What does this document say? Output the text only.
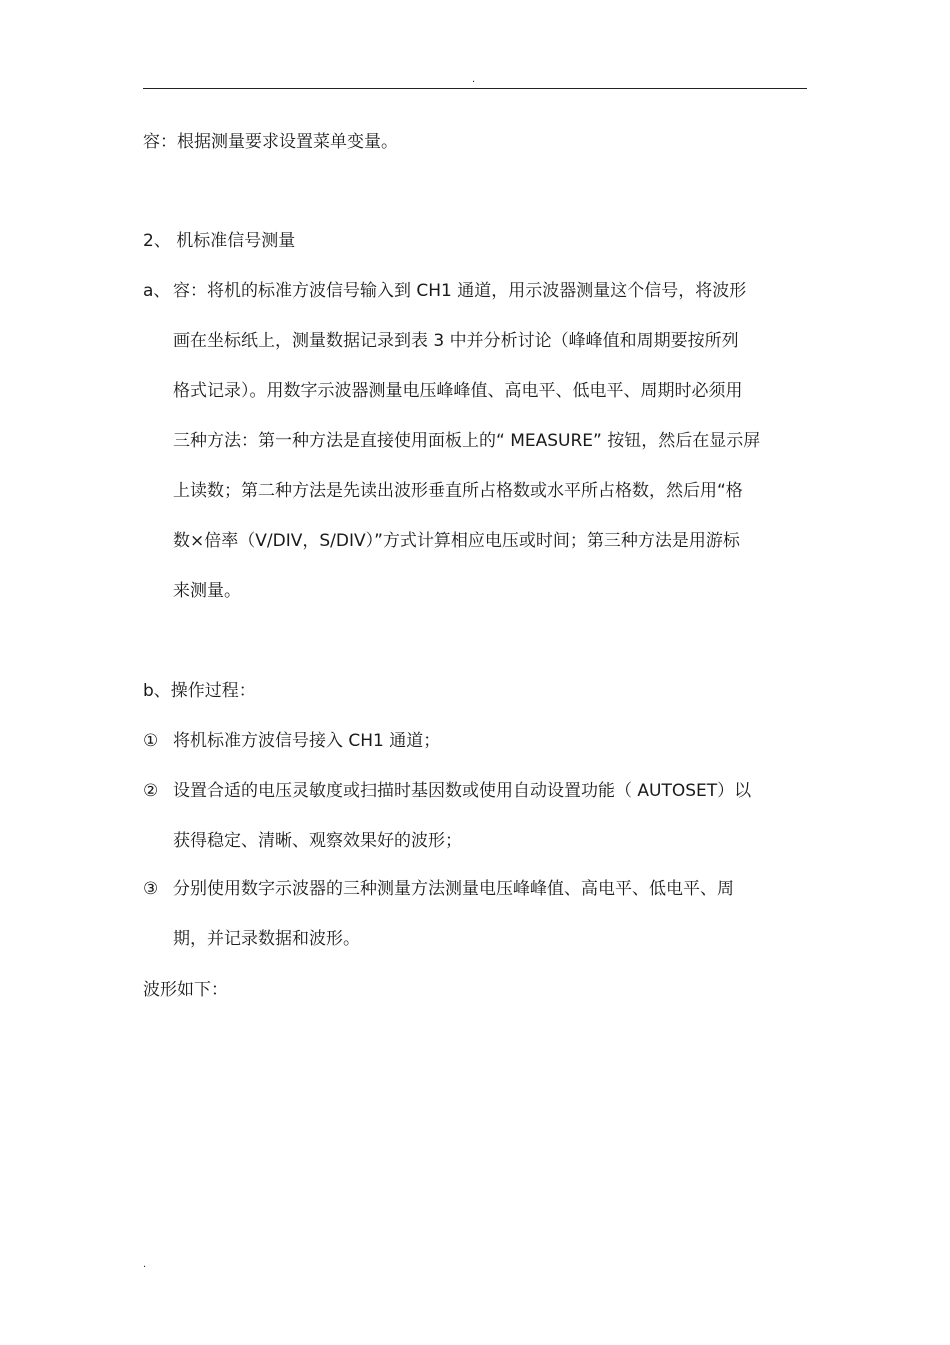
.
容：根据测量要求设置菜单变量。
2、 机标准信号测量
a、 容：将机的标准方波信号输入到 CH1 通道，用示波器测量这个信号，将波形
画在坐标纸上，测量数据记录到表 3 中并分析讨论（峰峰值和周期要按所列
格式记录）。用数字示波器测量电压峰峰值、高电平、低电平、周期时必须用
三种方法：第一种方法是直接使用面板上的“ MEASURE” 按钮，然后在显示屏
上读数；第二种方法是先读出波形垂直所占格数或水平所占格数，然后用“格
数×倍率（V/DIV，S/DIV）”方式计算相应电压或时间；第三种方法是用游标
来测量。
b、操作过程：
① 将机标准方波信号接入 CH1 通道；
② 设置合适的电压灵敏度或扫描时基因数或使用自动设置功能（ AUTOSET）以
获得稳定、清晰、观察效果好的波形；
③ 分别使用数字示波器的三种测量方法测量电压峰峰值、高电平、低电平、周
期，并记录数据和波形。
波形如下：
.
